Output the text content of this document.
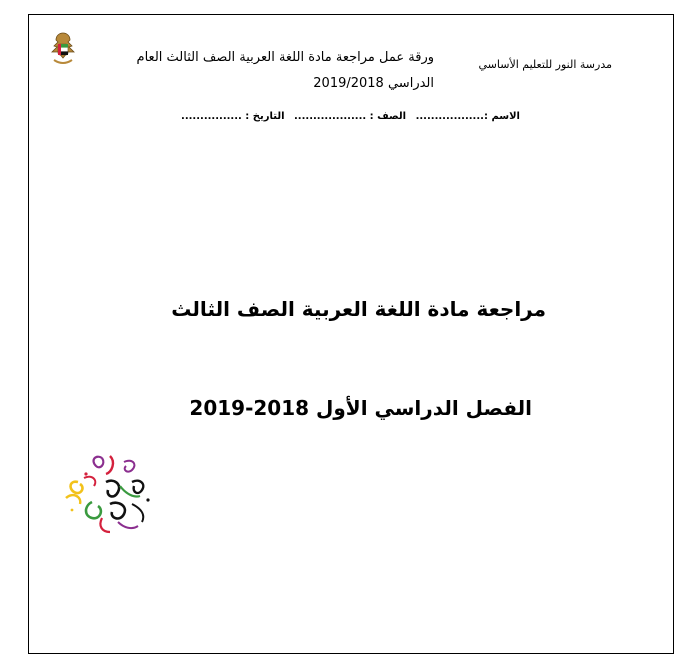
مدرسة النور للتعليم الأساسي
ورقة عمل مراجعة مادة اللغة العربية الصف الثالث العام
الدراسي 2019/2018
الاسم :.................. الصف : ................... التاريخ : ................
مراجعة مادة اللغة العربية الصف الثالث
الفصل الدراسي الأول 2018-2019
